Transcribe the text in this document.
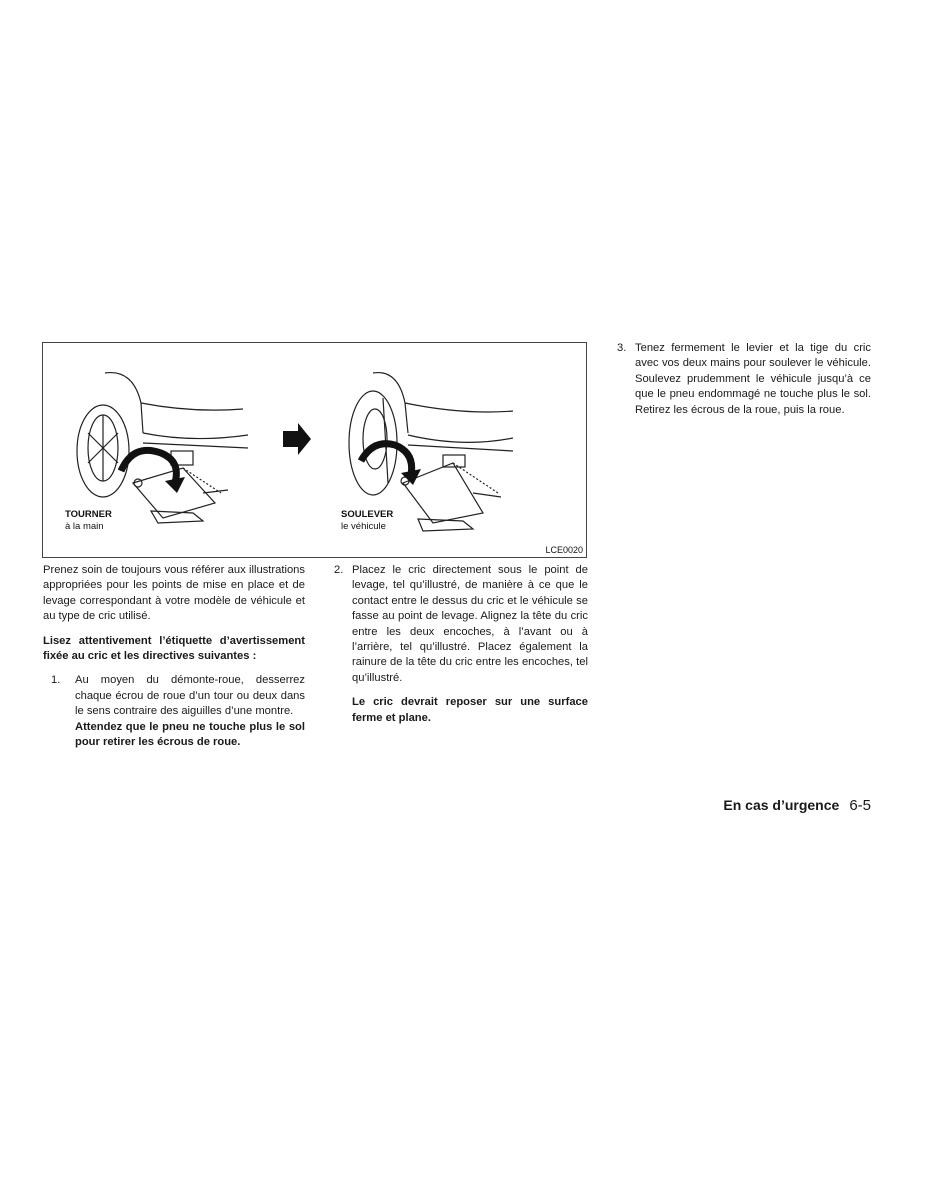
TOURNER
à la main
SOULEVER
le véhicule
LCE0020

Prenez soin de toujours vous référer aux illustrations appropriées pour les points de mise en place et de levage correspondant à votre modèle de véhicule et au type de cric utilisé.

Lisez attentivement l’étiquette d’avertissement fixée au cric et les directives suivantes :

1.	Au moyen du démonte-roue, desserrez chaque écrou de roue d’un tour ou deux dans le sens contraire des aiguilles d’une montre.

Attendez que le pneu ne touche plus le sol pour retirer les écrous de roue.

2. Placez le cric directement sous le point de levage, tel qu’illustré, de manière à ce que le contact entre le dessus du cric et le véhicule se fasse au point de levage. Alignez la tête du cric entre les deux encoches, à l’avant ou à l’arrière, tel qu’illustré. Placez également la rainure de la tête du cric entre les encoches, tel qu’illustré.

Le cric devrait reposer sur une surface ferme et plane.

3. Tenez fermement le levier et la tige du cric avec vos deux mains pour soulever le véhicule. Soulevez prudemment le véhicule jusqu’à ce que le pneu endommagé ne touche plus le sol. Retirez les écrous de la roue, puis la roue.

En cas d’urgence 6-5
